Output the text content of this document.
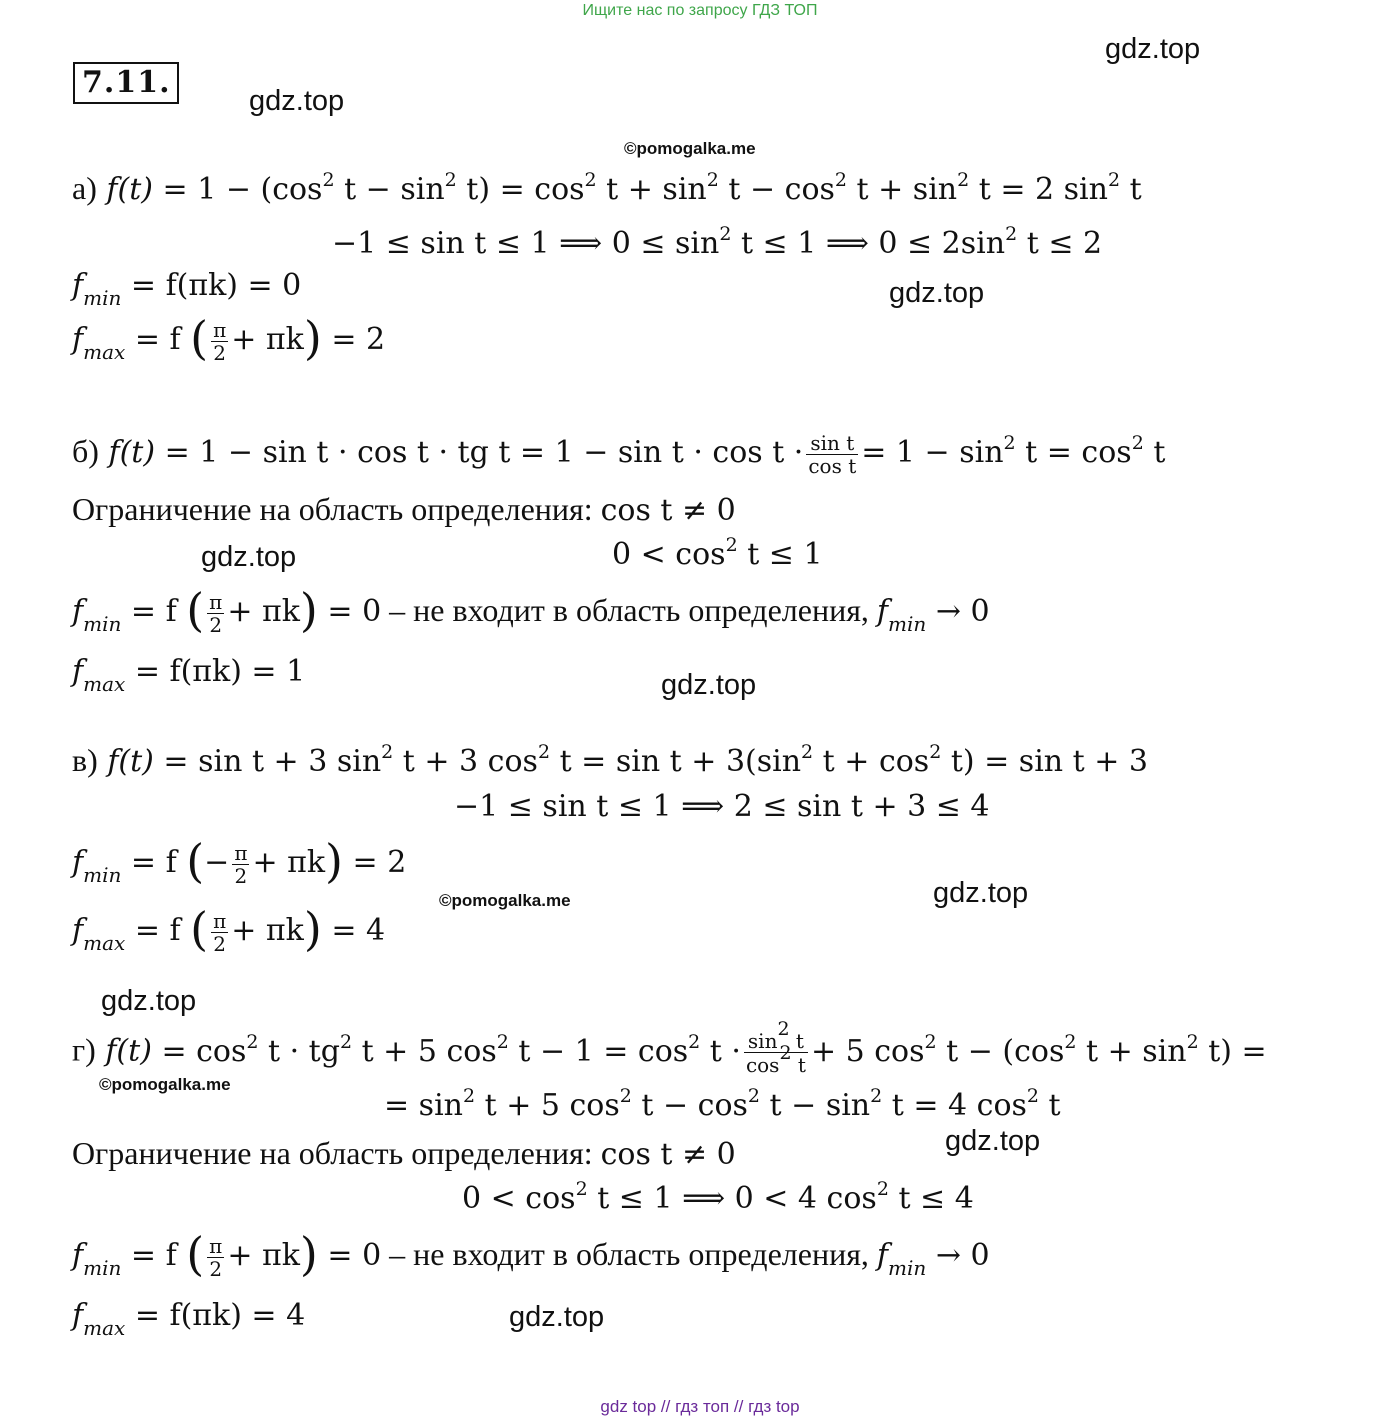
Ищите нас по запросу ГДЗ ТОП
7.11.
gdz.top
gdz.top
©pomogalka.me
gdz.top
gdz.top
gdz.top
©pomogalka.me	gdz.top
gdz.top
©pomogalka.me
gdz.top
gdz.top
а) $f(t) = 1 - (\cos^2$ $t - \sin^2 t) = \cos^2 t + \sin^2 t - \cos^2 t + \sin^2 t = 2$ $\sin^2 t$
−1 ≤ sin t ≤ 1 ⟹ $0 \le \sin^2 t \le 1$ ⟹ $0 \le 2\sin^2$ t ≤ 2
$f_{min} = f(\pi k) = 0$
$f_{max} = f$ ( $\frac{\pi}{2} + \pi k) = 2$
б) f(t) = 1 − sin t · cos t · tg $t = 1 - \sin t \cdot \cos t \cdot \frac{\text{sin t}}{\text{cos t}} = 1 - \sin^2 t = \cos^2 t$
Ограничение на область определения: cos t ≠ 0
$0 < \cos^2 t \le 1$
$f_{min} = f$ ( $\frac{\pi}{2} + \pi k) = 0$ – не входит в область определения, $f_{min} \to 0$
$f_{max} = f(\pi k) = 1$
в) f(t) = sin t + 3 $\sin^2 t + 3$ $\cos^2 t = \sin t + 3(\sin^2$ $t + \cos^2 t) = \sin t + 3$
−1 ≤ sin t ≤ 1 ⟹ 2 ≤ sin t + 3 ≤ 4
$f_{min} = f$ (− $\frac{\pi}{2} + \pi k) = 2$
$f_{max} = f$ ( $\frac{\pi}{2} + \pi k) = 4$
г) $f(t) = \cos^2 t \cdot tg^2$ t + 5 $\cos^2 t - 1 = \cos^2 t \cdot \frac{\sin^2 t}{\cos^2 t} + 5$ $\cos^2 t - (\cos^2$ $t + \sin^2 t$) =
= $\sin^2 t + 5$ $\cos^2 t - \cos^2 t - \sin^2 t = 4$ $\cos^2 t$
Ограничение на область определения: cos t ≠ 0
$0 < \cos^2 t \le 1$ ⟹ 0 < 4 $\cos^2 t \le 4$
$f_{min} = f$ ( $\frac{\pi}{2} + \pi k) = 0$ – не входит в область определения, $f_{min} \to 0$
$f_{max} = f(\pi k) = 4$
gdz top // гдз топ // гдз top
